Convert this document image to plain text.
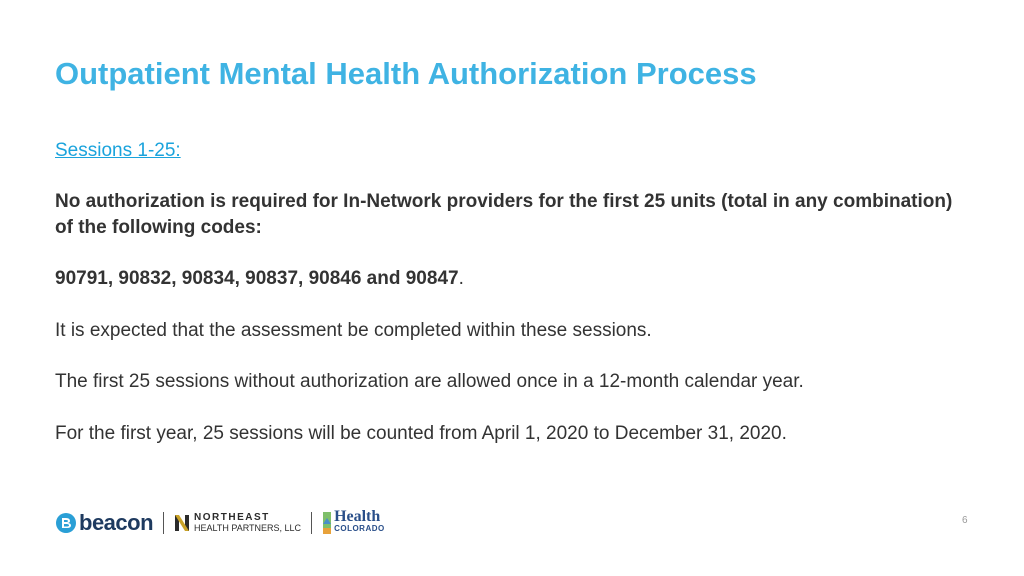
Outpatient Mental Health Authorization Process
Sessions 1-25:
No authorization is required for In-Network providers for the first 25 units (total in any combination) of the following codes:
90791, 90832, 90834, 90837, 90846 and 90847.
It is expected that the assessment be completed within these sessions.
The first 25 sessions without authorization are allowed once in a 12-month calendar year.
For the first year, 25 sessions will be counted from April 1, 2020 to December 31, 2020.
beacon	NORTHEAST
HEALTH PARTNERS, LLC
Health
COLORADO
6
